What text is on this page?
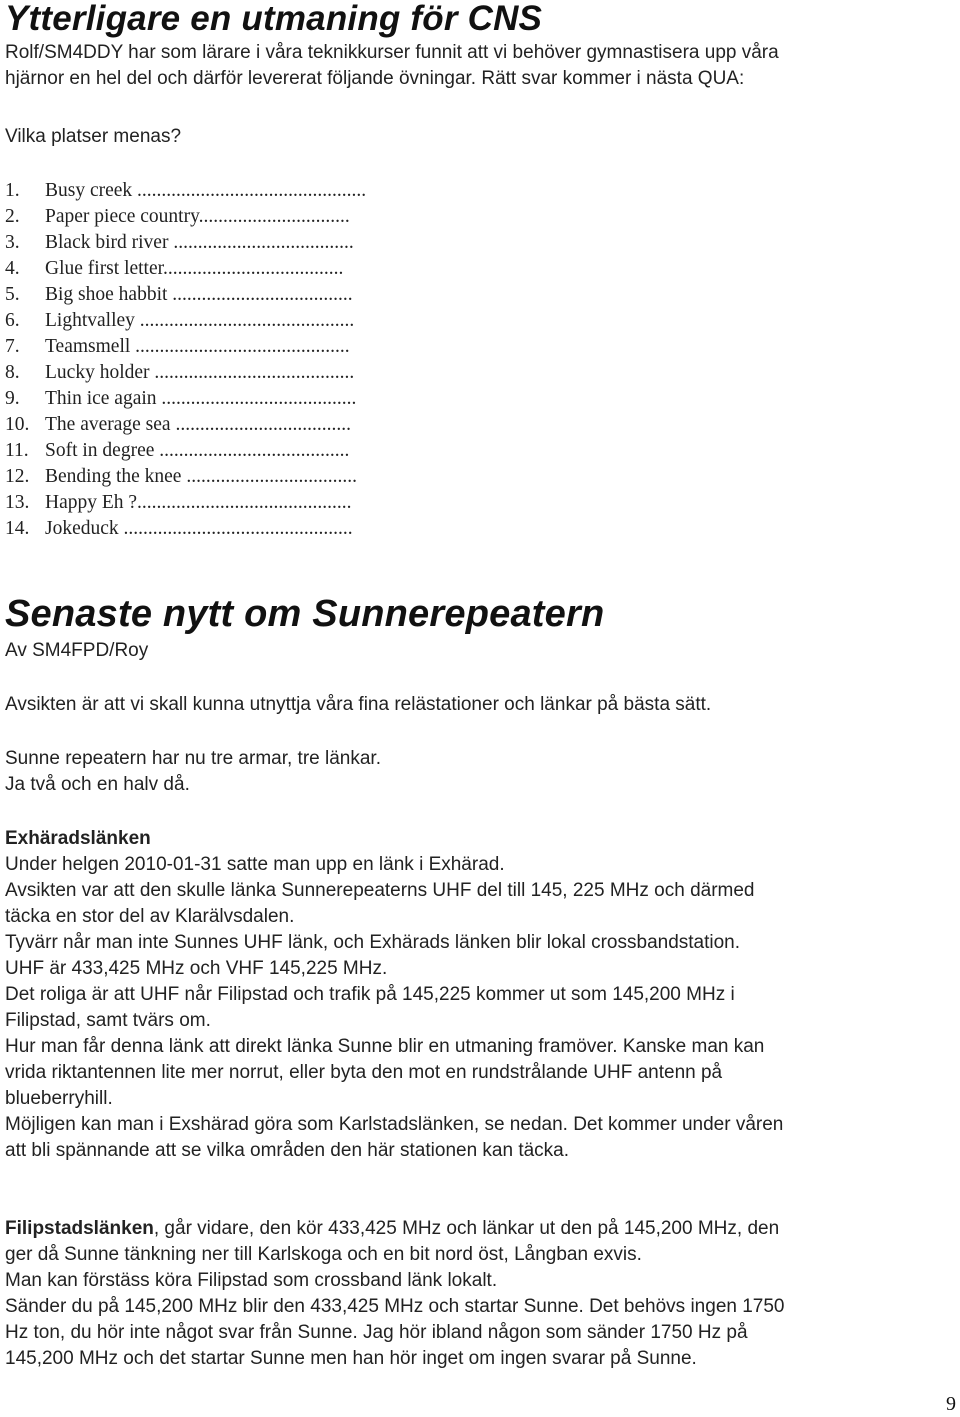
Ytterligare en utmaning för CNS
Rolf/SM4DDY har som lärare i våra teknikkurser funnit att vi behöver gymnastisera upp våra
hjärnor en hel del och därför levererat följande övningar. Rätt svar kommer i nästa QUA:
Vilka platser menas?
1.	Busy creek ...............................................
2.	Paper piece country...............................
3.	Black bird river .....................................
4.	Glue first letter.....................................
5.	Big shoe habbit .....................................
6.	Lightvalley ............................................
7.	Teamsmell ............................................
8.	Lucky holder .........................................
9.	Thin ice again ........................................
10. The average sea ....................................
11. Soft in degree .......................................
12. Bending the knee ...................................
13. Happy Eh ?............................................
14. Jokeduck ...............................................
Senaste nytt om Sunnerepeatern
Av SM4FPD/Roy

Avsikten är att vi skall kunna utnyttja våra fina relästationer och länkar på bästa sätt.

Sunne repeatern har nu tre armar, tre länkar.

Ja två och en halv då.

Exhäradslänken

Under helgen 2010-01-31 satte man upp en länk i Exhärad.

Avsikten var att den skulle länka Sunnerepeaterns UHF del till 145, 225 MHz och därmed

täcka en stor del av Klarälvsdalen.

Tyvärr når man inte Sunnes UHF länk, och Exhärads länken blir lokal crossbandstation.

UHF är 433,425 MHz och VHF 145,225 MHz.

Det roliga är att UHF når Filipstad och trafik på 145,225 kommer ut som 145,200 MHz i

Filipstad, samt tvärs om.

Hur man får denna länk att direkt länka Sunne blir en utmaning framöver. Kanske man kan

vrida riktantennen lite mer norrut, eller byta den mot en rundstrålande UHF antenn på

blueberryhill.

Möjligen kan man i Exshärad göra som Karlstadslänken, se nedan. Det kommer under våren

att bli spännande att se vilka områden den här stationen kan täcka.

Filipstadslänken, går vidare, den kör 433,425 MHz och länkar ut den på 145,200 MHz, den

ger då Sunne tänkning ner till Karlskoga och en bit nord öst, Långban exvis.

Man kan förstäss köra Filipstad som crossband länk lokalt.

Sänder du på 145,200 MHz blir den 433,425 MHz och startar Sunne. Det behövs ingen 1750

Hz ton, du hör inte något svar från Sunne. Jag hör ibland någon som sänder 1750 Hz på

145,200 MHz och det startar Sunne men han hör inget om ingen svarar på Sunne.

9
